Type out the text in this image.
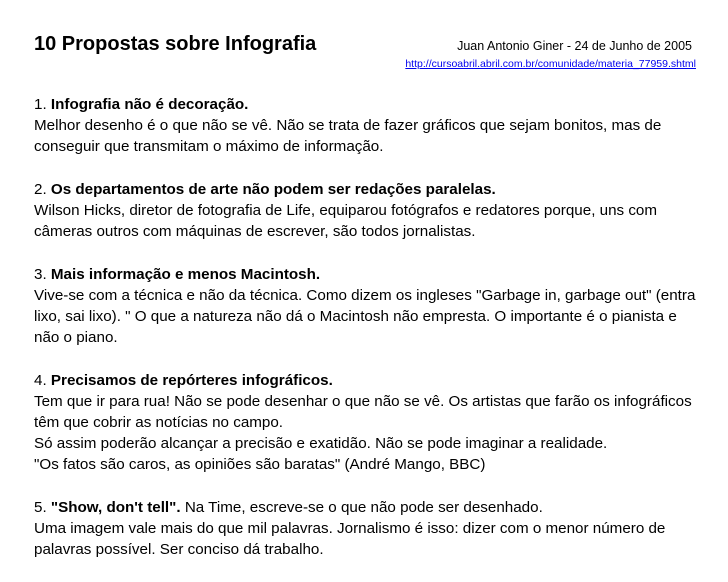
10 Propostas sobre Infografia	Juan Antonio Giner - 24 de Junho de 2005
http://cursoabril.abril.com.br/comunidade/materia_77959.shtml

1. Infografia não é decoração.

Melhor desenho é o que não se vê. Não se trata de fazer gráficos que sejam bonitos, mas de conseguir que transmitam o máximo de informação.

2. Os departamentos de arte não podem ser redações paralelas.

Wilson Hicks, diretor de fotografia de Life, equiparou fotógrafos e redatores porque, uns com câmeras outros com máquinas de escrever, são todos jornalistas.

3. Mais informação e menos Macintosh.

Vive-se com a técnica e não da técnica. Como dizem os ingleses "Garbage in, garbage out" (entra lixo, sai lixo). " O que a natureza não dá o Macintosh não empresta. O importante é o pianista e não o piano.

4. Precisamos de repórteres infográficos.

Tem que ir para rua! Não se pode desenhar o que não se vê. Os artistas que farão os infográficos têm que cobrir as notícias no campo.

Só assim poderão alcançar a precisão e exatidão. Não se pode imaginar a realidade.

"Os fatos são caros, as opiniões são baratas" (André Mango, BBC)

5. "Show, don't tell". Na Time, escreve-se o que não pode ser desenhado.

Uma imagem vale mais do que mil palavras. Jornalismo é isso: dizer com o menor número de palavras possível. Ser conciso dá trabalho.
